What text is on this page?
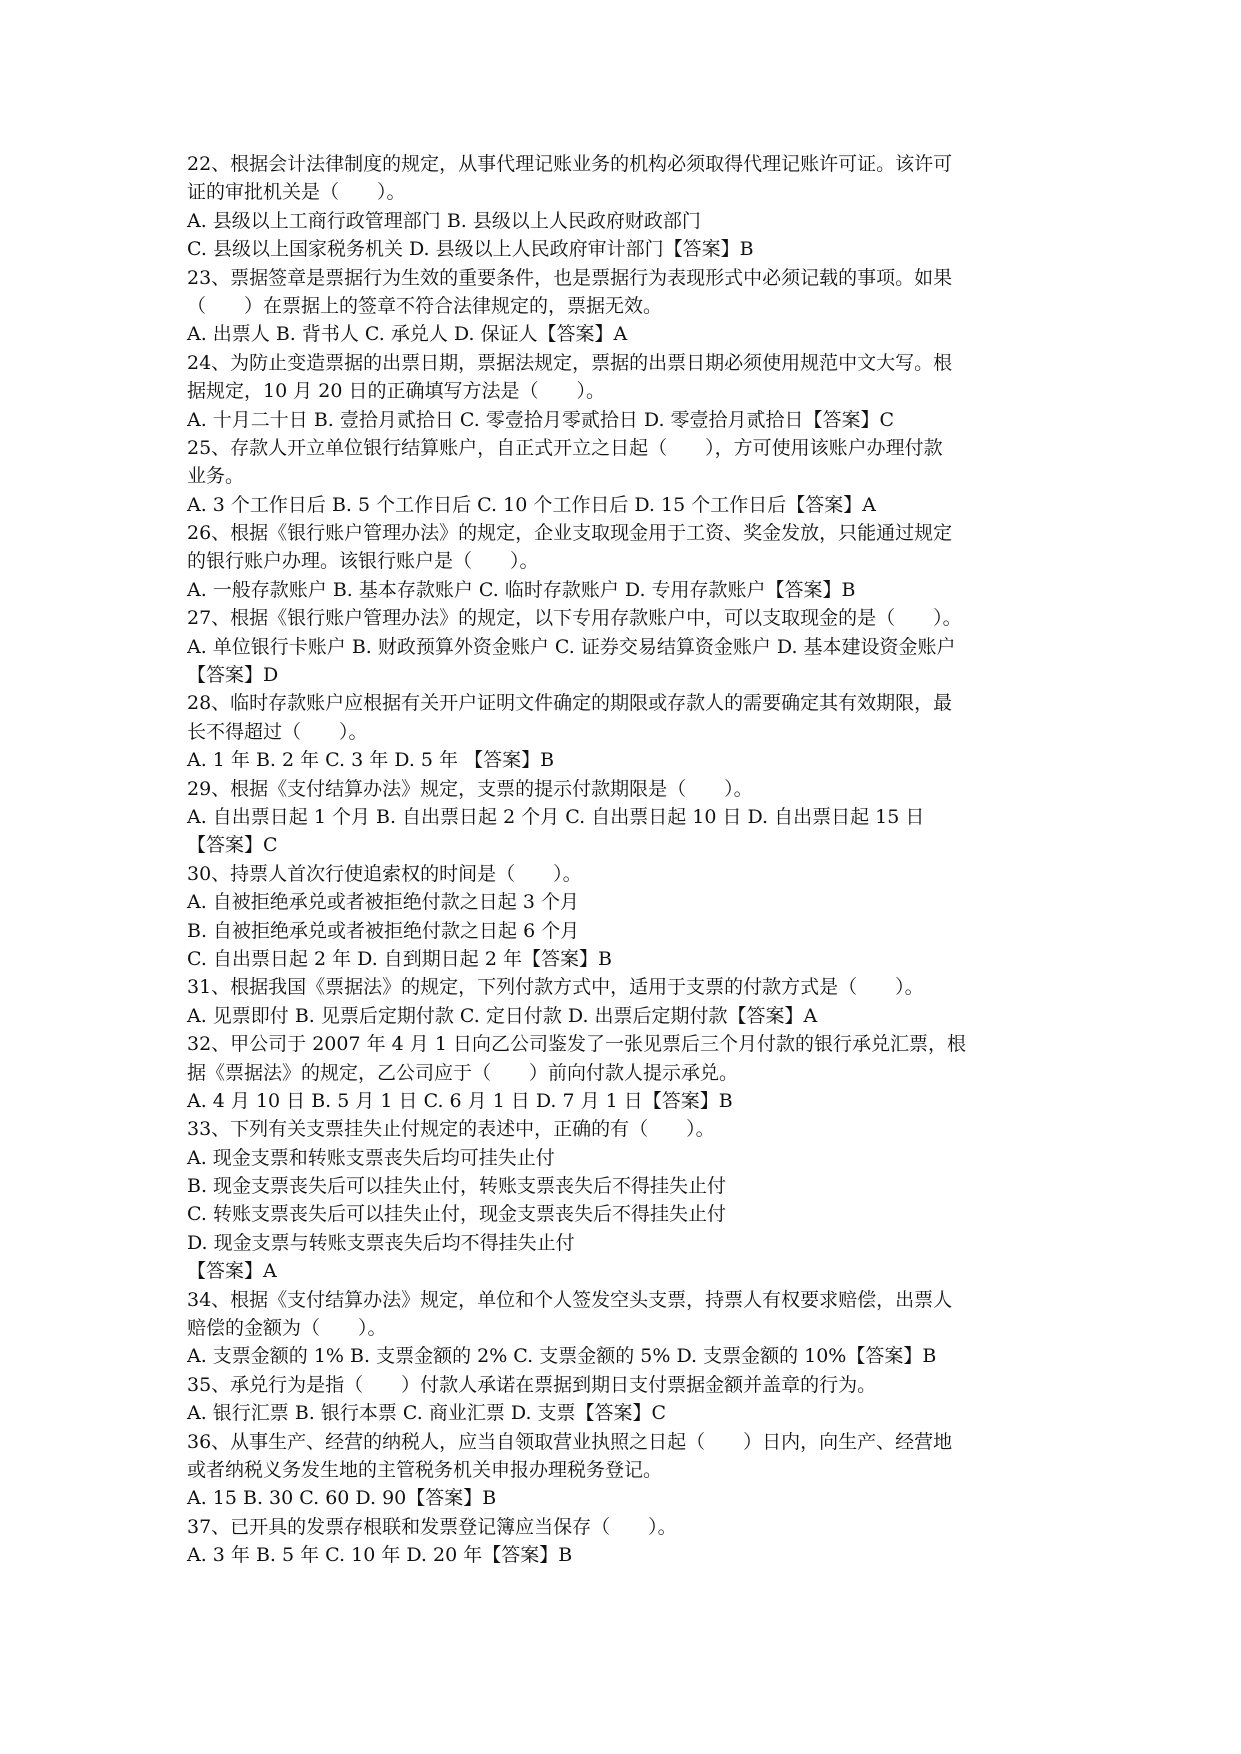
22、根据会计法律制度的规定，从事代理记账业务的机构必须取得代理记账许可证。该许可
证的审批机关是（　　）。
A. 县级以上工商行政管理部门 B. 县级以上人民政府财政部门
C. 县级以上国家税务机关 D. 县级以上人民政府审计部门【答案】B
23、票据签章是票据行为生效的重要条件，也是票据行为表现形式中必须记载的事项。如果
（　　）在票据上的签章不符合法律规定的，票据无效。
A. 出票人 B. 背书人 C. 承兑人 D. 保证人【答案】A
24、为防止变造票据的出票日期，票据法规定，票据的出票日期必须使用规范中文大写。根
据规定，10 月 20 日的正确填写方法是（　　）。
A. 十月二十日 B. 壹拾月贰拾日 C. 零壹拾月零贰拾日 D. 零壹拾月贰拾日【答案】C
25、存款人开立单位银行结算账户，自正式开立之日起（　　），方可使用该账户办理付款
业务。
A. 3 个工作日后 B. 5 个工作日后 C. 10 个工作日后 D. 15 个工作日后【答案】A
26、根据《银行账户管理办法》的规定，企业支取现金用于工资、奖金发放，只能通过规定
的银行账户办理。该银行账户是（　　）。
A. 一般存款账户 B. 基本存款账户 C. 临时存款账户 D. 专用存款账户【答案】B
27、根据《银行账户管理办法》的规定，以下专用存款账户中，可以支取现金的是（　　）。
A. 单位银行卡账户 B. 财政预算外资金账户 C. 证券交易结算资金账户 D. 基本建设资金账户
【答案】D
28、临时存款账户应根据有关开户证明文件确定的期限或存款人的需要确定其有效期限，最
长不得超过（　　）。
A. 1 年 B. 2 年 C. 3 年 D. 5 年 【答案】B
29、根据《支付结算办法》规定，支票的提示付款期限是（　　）。
A. 自出票日起 1 个月 B. 自出票日起 2 个月 C. 自出票日起 10 日 D. 自出票日起 15 日
【答案】C
30、持票人首次行使追索权的时间是（　　）。
A. 自被拒绝承兑或者被拒绝付款之日起 3 个月
B. 自被拒绝承兑或者被拒绝付款之日起 6 个月
C. 自出票日起 2 年 D. 自到期日起 2 年【答案】B
31、根据我国《票据法》的规定，下列付款方式中，适用于支票的付款方式是（　　）。
A. 见票即付 B. 见票后定期付款 C. 定日付款 D. 出票后定期付款【答案】A
32、甲公司于 2007 年 4 月 1 日向乙公司鉴发了一张见票后三个月付款的银行承兑汇票，根
据《票据法》的规定，乙公司应于（　　）前向付款人提示承兑。
A. 4 月 10 日 B. 5 月 1 日 C. 6 月 1 日 D. 7 月 1 日【答案】B
33、下列有关支票挂失止付规定的表述中，正确的有（　　）。
A. 现金支票和转账支票丧失后均可挂失止付
B. 现金支票丧失后可以挂失止付，转账支票丧失后不得挂失止付
C. 转账支票丧失后可以挂失止付，现金支票丧失后不得挂失止付
D. 现金支票与转账支票丧失后均不得挂失止付
【答案】A
34、根据《支付结算办法》规定，单位和个人签发空头支票，持票人有权要求赔偿，出票人
赔偿的金额为（　　）。
A. 支票金额的 1% B. 支票金额的 2% C. 支票金额的 5% D. 支票金额的 10%【答案】B
35、承兑行为是指（　　）付款人承诺在票据到期日支付票据金额并盖章的行为。
A. 银行汇票 B. 银行本票 C. 商业汇票 D. 支票【答案】C
36、从事生产、经营的纳税人，应当自领取营业执照之日起（　　）日内，向生产、经营地
或者纳税义务发生地的主管税务机关申报办理税务登记。
A. 15 B. 30 C. 60 D. 90【答案】B
37、已开具的发票存根联和发票登记簿应当保存（　　）。
A. 3 年 B. 5 年 C. 10 年 D. 20 年【答案】B
